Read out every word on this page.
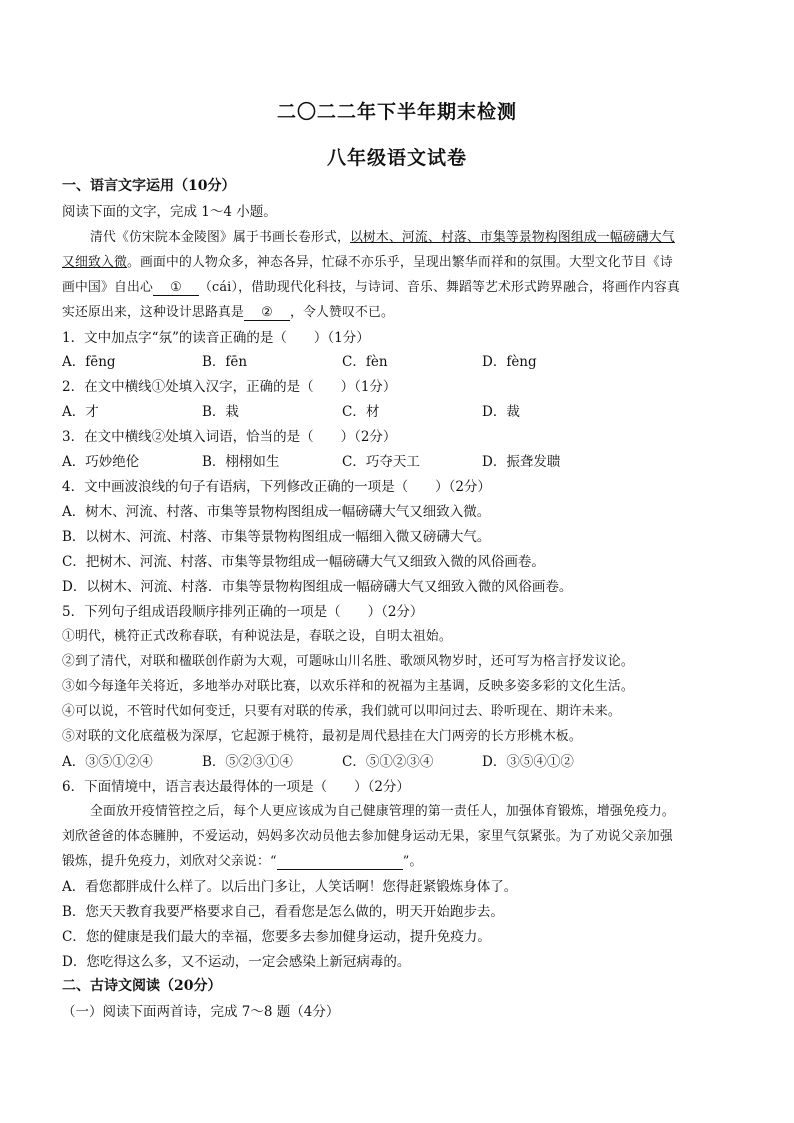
二〇二二年下半年期末检测
八年级语文试卷
一、语言文字运用（10分）
阅读下面的文字，完成 1～4 小题。
清代《仿宋院本金陵图》属于书画长卷形式，以树木、河流、村落、市集等景物构图组成一幅磅礴大气
又细致入微。画面中的人物众多，神态各异，忙碌不亦乐乎，呈现出繁华而祥和的氛围。大型文化节目《诗
画中国》自出心 ① （cái），借助现代化科技，与诗词、音乐、舞蹈等艺术形式跨界融合，将画作内容真
实还原出来，这种设计思路真是 ② ，令人赞叹不已。
1．文中加点字“氛”的读音正确的是（　　）（1分）
A．fēng	B．fēn	C．fèn	D．fèng
2．在文中横线①处填入汉字，正确的是（　　）（1分）
A．才	B．栽	C．材	D．裁
3．在文中横线②处填入词语，恰当的是（　　）（2分）
A．巧妙绝伦	B．栩栩如生	C．巧夺天工	D．振聋发聩
4．文中画波浪线的句子有语病，下列修改正确的一项是（　　）（2分）
A．树木、河流、村落、市集等景物构图组成一幅磅礴大气又细致入微。
B．以树木、河流、村落、市集等景物构图组成一幅细入微又磅礴大气。
C．把树木、河流、村落、市集等景物组成一幅磅礴大气又细致入微的风俗画卷。
D．以树木、河流、村落．市集等景物构图组成一幅磅礴大气又细致入微的风俗画卷。
5．下列句子组成语段顺序排列正确的一项是（　　）（2分）
①明代，桃符正式改称春联，有种说法是，春联之设，自明太祖始。
②到了清代，对联和楹联创作蔚为大观，可题咏山川名胜、歌颂风物岁时，还可写为格言抒发议论。
③如今每逢年关将近，多地举办对联比赛，以欢乐祥和的祝福为主基调，反映多姿多彩的文化生活。
④可以说，不管时代如何变迁，只要有对联的传承，我们就可以叩问过去、聆听现在、期许未来。
⑤对联的文化底蕴极为深厚，它起源于桃符，最初是周代悬挂在大门两旁的长方形桃木板。
A．③⑤①②④	B．⑤②③①④	C．⑤①②③④	D．③⑤④①②
6．下面情境中，语言表达最得体的一项是（　　）（2分）
全面放开疫情管控之后，每个人更应该成为自己健康管理的第一责任人，加强体育锻炼，增强免疫力。
刘欣爸爸的体态臃肿，不爱运动，妈妈多次动员他去参加健身运动无果，家里气氛紧张。为了劝说父亲加强
锻炼，提升免疫力，刘欣对父亲说：“	”。
A．看您都胖成什么样了。以后出门多让，人笑话啊！您得赶紧锻炼身体了。
B．您天天教育我要严格要求自己，看看您是怎么做的，明天开始跑步去。
C．您的健康是我们最大的幸福，您要多去参加健身运动，提升免疫力。
D．您吃得这么多，又不运动，一定会感染上新冠病毒的。
二、古诗文阅读（20分）
（一）阅读下面两首诗，完成 7～8 题（4分）
